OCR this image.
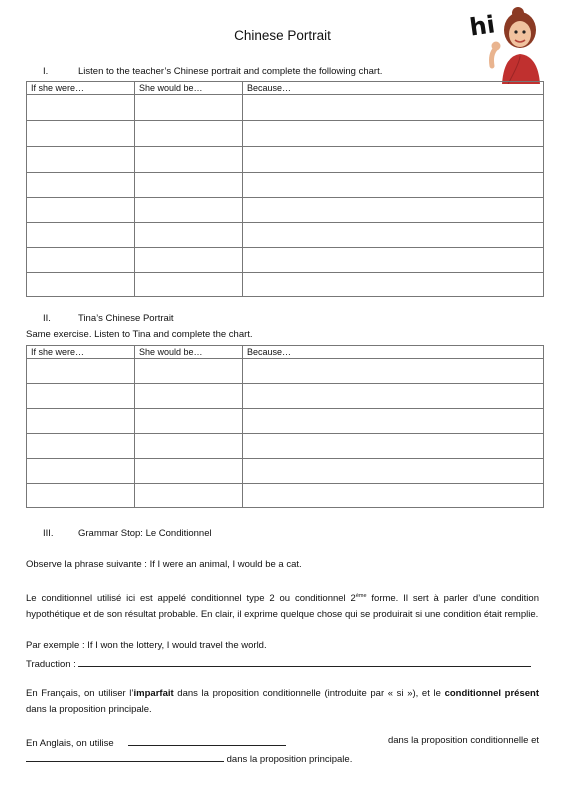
Chinese Portrait	hi
I.	Listen to the teacher’s Chinese portrait and complete the following chart.
If she were…	She would be…	Because…

II.	Tina’s Chinese Portrait
Same exercise. Listen to Tina and complete the chart.
If she were…	She would be…	Because…

III.	Grammar Stop: Le Conditionnel
Observe la phrase suivante : If I were an animal, I would be a cat.
Le conditionnel utilisé ici est appelé conditionnel type 2 ou conditionnel 2ème forme. Il sert à parler d’une condition hypothétique et de son résultat probable. En clair, il exprime quelque chose qui se produirait si une condition était remplie.
Par exemple : If I won the lottery, I would travel the world.
Traduction :
En Français, on utiliser l’imparfait dans la proposition conditionnelle (introduite par « si »), et le conditionnel présent dans la proposition principale.
En Anglais, on utilise	dans la proposition conditionnelle et
dans la proposition principale.
